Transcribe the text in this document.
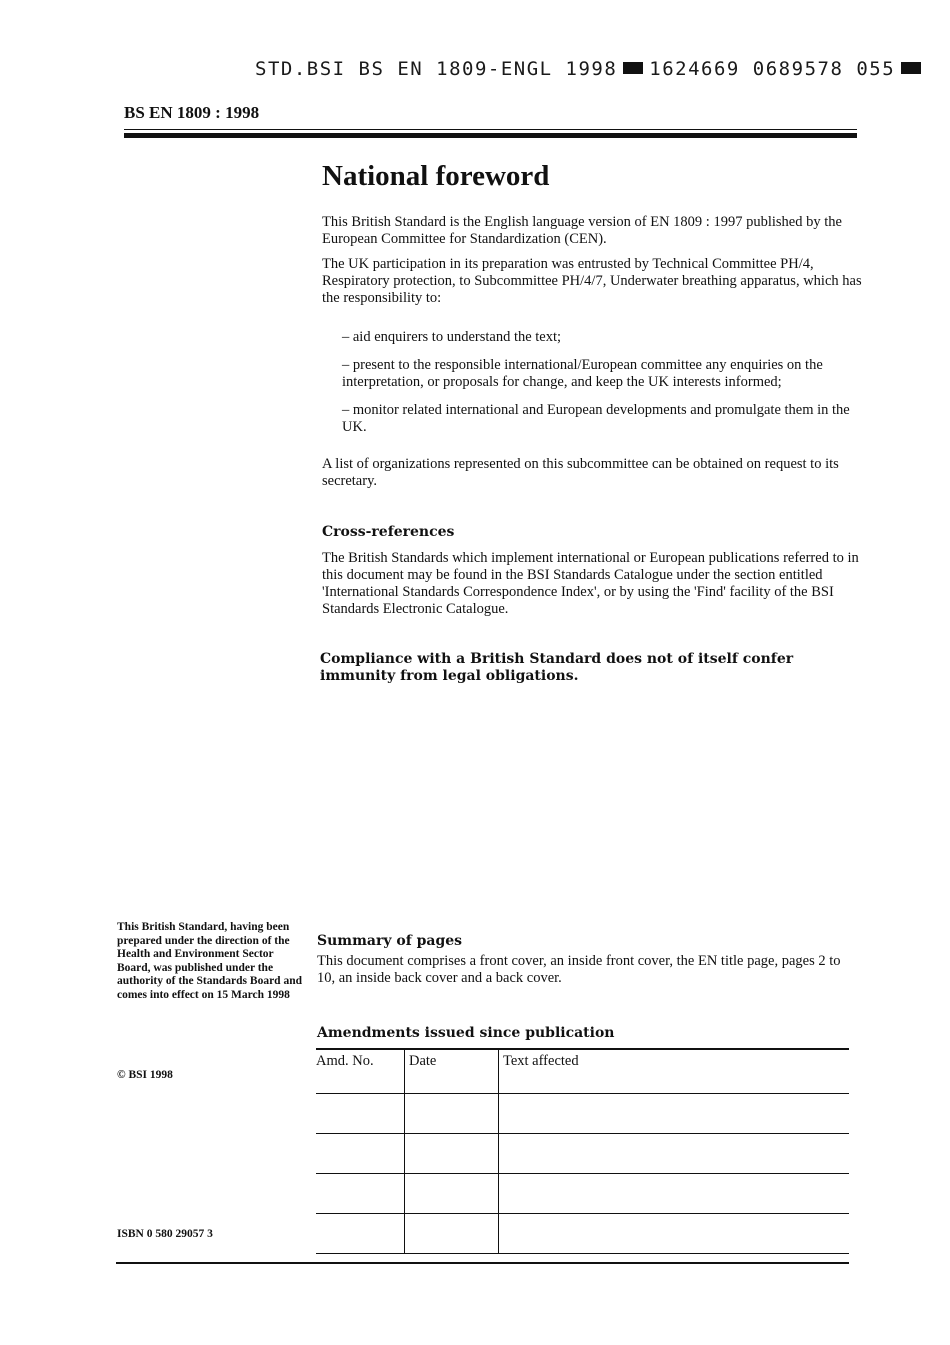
STD.BSI BS EN 1809-ENGL 1998 1624669 0689578 055
BS EN 1809 : 1998
National foreword

This British Standard is the English language version of EN 1809 : 1997 published by the European Committee for Standardization (CEN).

The UK participation in its preparation was entrusted by Technical Committee PH/4, Respiratory protection, to Subcommittee PH/4/7, Underwater breathing apparatus, which has the responsibility to:

– aid enquirers to understand the text;

– present to the responsible international/European committee any enquiries on the interpretation, or proposals for change, and keep the UK interests informed;

– monitor related international and European developments and promulgate them in the UK.

A list of organizations represented on this subcommittee can be obtained on request to its secretary.

Cross-references

The British Standards which implement international or European publications referred to in this document may be found in the BSI Standards Catalogue under the section entitled 'International Standards Correspondence Index', or by using the 'Find' facility of the BSI Standards Electronic Catalogue.

Compliance with a British Standard does not of itself confer immunity from legal obligations.
This British Standard, having been prepared under the direction of the Health and Environment Sector Board, was published under the authority of the Standards Board and comes into effect on 15 March 1998
© BSI 1998
ISBN 0 580 29057 3
Summary of pages

This document comprises a front cover, an inside front cover, the EN title page, pages 2 to 10, an inside back cover and a back cover.

Amendments issued since publication
Amd. No.	Date	Text affected
